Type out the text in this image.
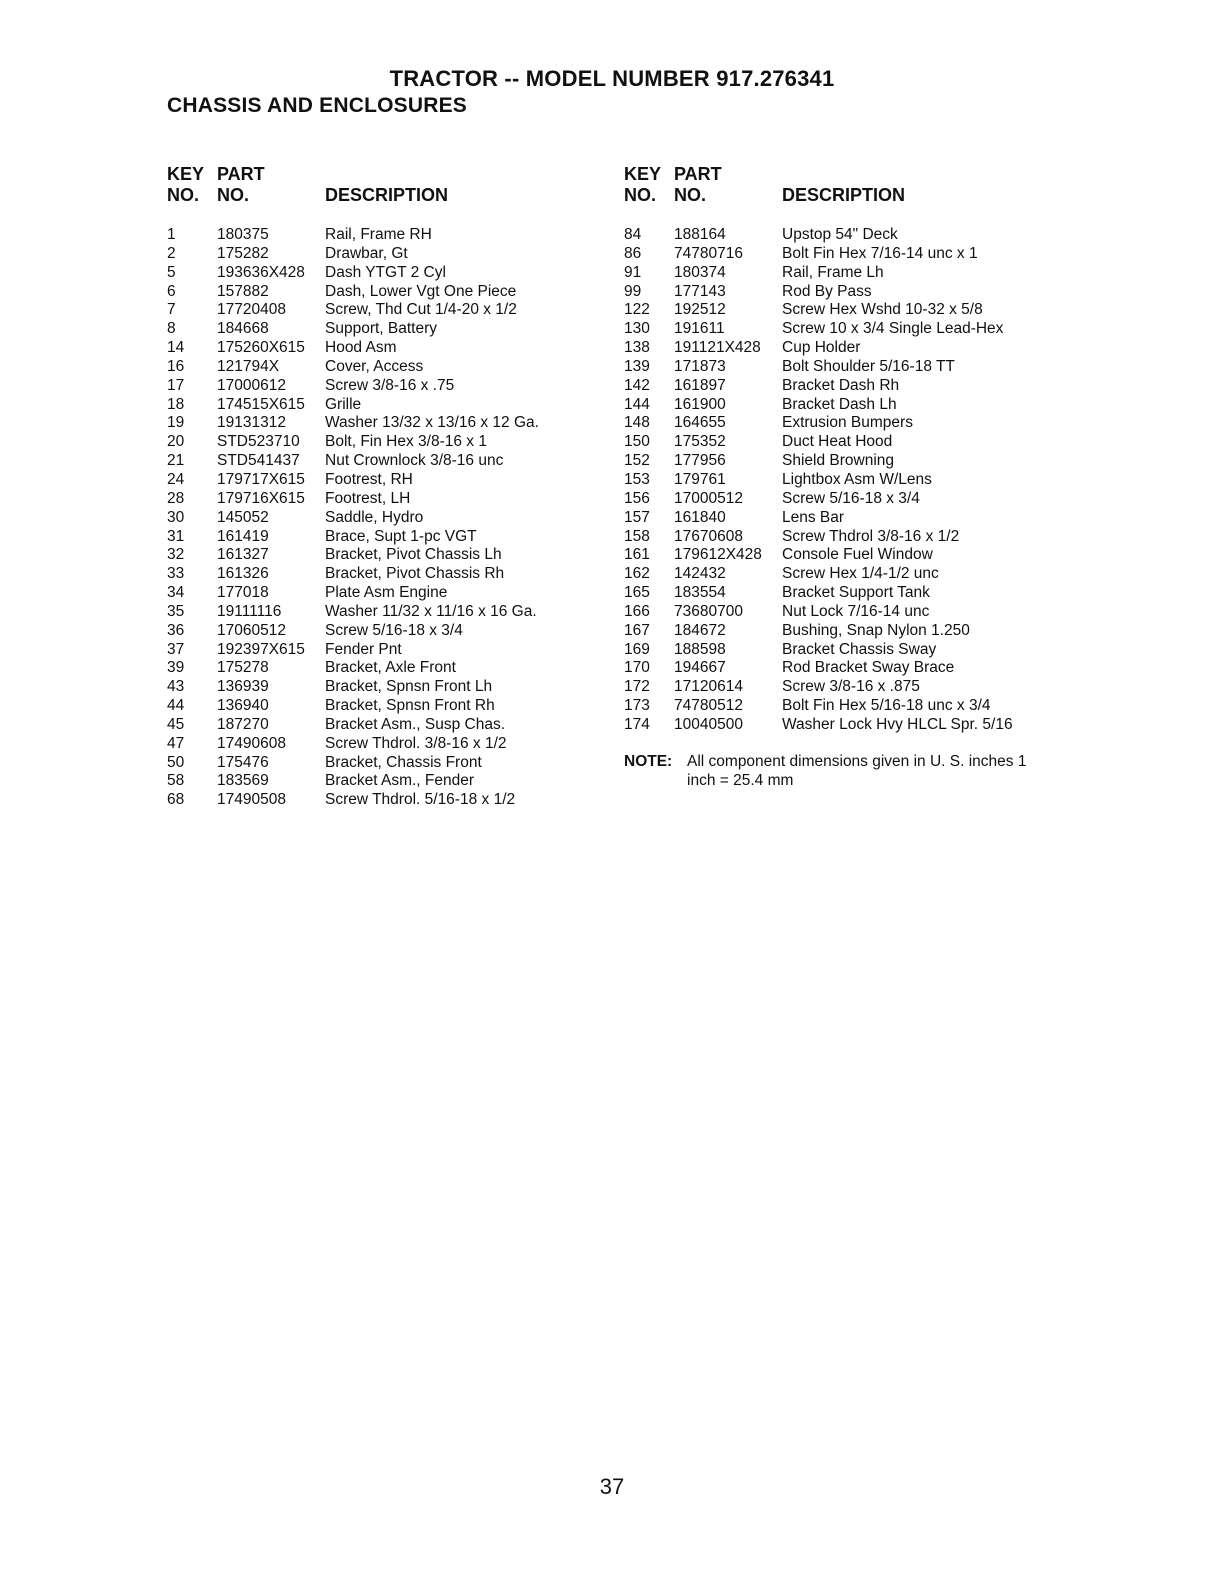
TRACTOR -- MODEL NUMBER 917.276341
CHASSIS AND ENCLOSURES
KEY
NO.
PART
NO.	DESCRIPTION
1	180375	Rail, Frame RH
2	175282	Drawbar, Gt
5	193636X428 Dash YTGT 2 Cyl
6	157882	Dash, Lower Vgt One Piece
7	17720408	Screw, Thd Cut 1/4-20 x 1/2
8	184668	Support, Battery
14 175260X615 Hood Asm
16 121794X	Cover, Access
17 17000612	Screw 3/8-16 x .75
18 174515X615 Grille
19 19131312	Washer 13/32 x 13/16 x 12 Ga.
20 STD523710 Bolt, Fin Hex 3/8-16 x 1
21 STD541437 Nut Crownlock 3/8-16 unc
24 179717X615 Footrest, RH
28 179716X615 Footrest, LH
30 145052	Saddle, Hydro
31 161419	Brace, Supt 1-pc VGT
32 161327	Bracket, Pivot Chassis Lh
33 161326	Bracket, Pivot Chassis Rh
34 177018	Plate Asm Engine
35 19111116	Washer 11/32 x 11/16 x 16 Ga.
36 17060512	Screw 5/16-18 x 3/4
37 192397X615 Fender Pnt
39 175278	Bracket, Axle Front
43 136939	Bracket, Spnsn Front Lh
44 136940	Bracket, Spnsn Front Rh
45 187270	Bracket Asm., Susp Chas.
47 17490608	Screw Thdrol. 3/8-16 x 1/2
50 175476	Bracket, Chassis Front
58 183569	Bracket Asm., Fender
68 17490508	Screw Thdrol. 5/16-18 x 1/2
KEY
NO.
PART
NO.	DESCRIPTION
84 188164	Upstop 54" Deck
86 74780716	Bolt Fin Hex 7/16-14 unc x 1
91 180374	Rail, Frame Lh
99 177143	Rod By Pass
122 192512	Screw Hex Wshd 10-32 x 5/8
130 191611	Screw 10 x 3/4 Single Lead-Hex
138 191121X428 Cup Holder
139 171873	Bolt Shoulder 5/16-18 TT
142 161897	Bracket Dash Rh
144 161900	Bracket Dash Lh
148 164655	Extrusion Bumpers
150 175352	Duct Heat Hood
152 177956	Shield Browning
153 179761	Lightbox Asm W/Lens
156 17000512	Screw 5/16-18 x 3/4
157 161840	Lens Bar
158 17670608	Screw Thdrol 3/8-16 x 1/2
161 179612X428 Console Fuel Window
162 142432	Screw Hex 1/4-1/2 unc
165 183554	Bracket Support Tank
166 73680700	Nut Lock 7/16-14 unc
167 184672	Bushing, Snap Nylon 1.250
169 188598	Bracket Chassis Sway
170 194667	Rod Bracket Sway Brace
172 17120614	Screw 3/8-16 x .875
173 74780512	Bolt Fin Hex 5/16-18 unc x 3/4
174 10040500	Washer Lock Hvy HLCL Spr. 5/16
NOTE: All component dimensions given in U. S. inches 1 inch = 25.4 mm
37
